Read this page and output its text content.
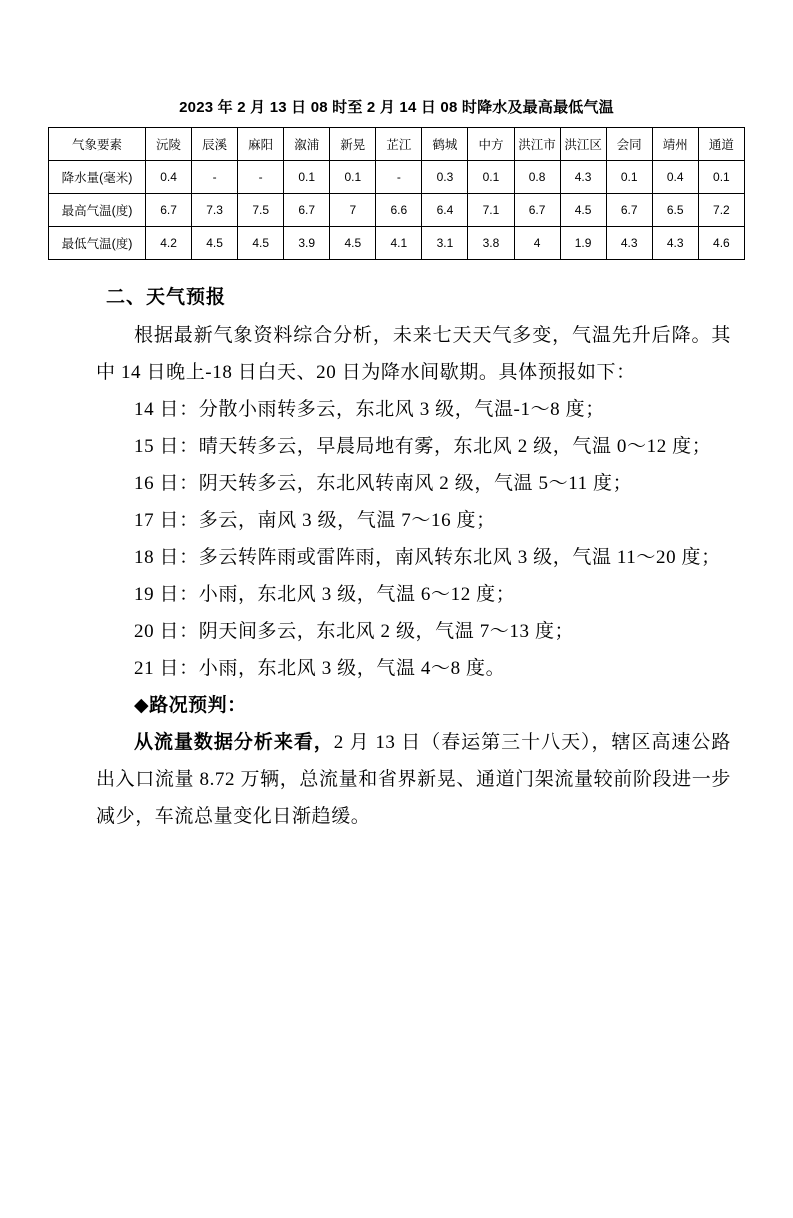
2023 年 2 月 13 日 08 时至 2 月 14 日 08 时降水及最高最低气温
气象要素	沅陵	辰溪	麻阳	溆浦	新晃	芷江	鹤城	中方	洪江市	洪江区	会同	靖州	通道
降水量(毫米)	0.4	-	-	0.1	0.1	-	0.3	0.1	0.8	4.3	0.1	0.4	0.1
最高气温(度)	6.7	7.3	7.5	6.7	7	6.6	6.4	7.1	6.7	4.5	6.7	6.5	7.2
最低气温(度)	4.2	4.5	4.5	3.9	4.5	4.1	3.1	3.8	4	1.9	4.3	4.3	4.6
二、天气预报

根据最新气象资料综合分析，未来七天天气多变，气温先升后降。其中 14 日晚上-18 日白天、20 日为降水间歇期。具体预报如下：

14 日：分散小雨转多云，东北风 3 级，气温-1～8 度；

15 日：晴天转多云，早晨局地有雾，东北风 2 级，气温 0～12 度；

16 日：阴天转多云，东北风转南风 2 级，气温 5～11 度；

17 日：多云，南风 3 级，气温 7～16 度；

18 日：多云转阵雨或雷阵雨，南风转东北风 3 级，气温 11～20 度；

19 日：小雨，东北风 3 级，气温 6～12 度；

20 日：阴天间多云，东北风 2 级，气温 7～13 度；

21 日：小雨，东北风 3 级，气温 4～8 度。

◆路况预判：

从流量数据分析来看，2 月 13 日（春运第三十八天），辖区高速公路出入口流量 8.72 万辆，总流量和省界新晃、通道门架流量较前阶段进一步减少，车流总量变化日渐趋缓。
